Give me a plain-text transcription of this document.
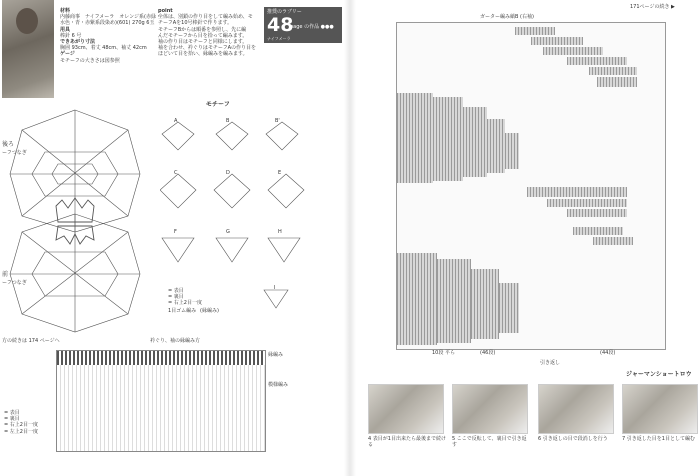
材料
内藤商事　ナイフメーラ　オレンジ系(赤緑・
水色・青・赤紫系段染め)(601) 270g 6玉
用具
棒針 6 号
できあがり寸法
胸囲 93cm、着丈 48cm、袖丈 42cm
ゲージ
モチーフの大きさは図参照
point
全体は、別鎖の作り目をして編み始め、モ
チーフAを10号棒針で作ります。
モチーフBからは順番を参照し、先に編
んだモチーフから目を拾って編みます。
袖の作り目はモチーフと同様にします。
袖を合わせ、衿ぐりはモチーフAの作り目を
ほどいて目を拾い、縁編みを編みます。
推奨のラブリー
48
page の作品 ●●●
ナイフメーラ
後ろ
ーフつなぎ
前
ーフつなぎ
モチーフ
A	B	B'
C	D	E
F	G	H
I
= 表目
= 裏目
= 右上2目一度
1目ゴム編み (縁編み)
方の続きは 174 ページへ	衿ぐり、袖の縁編み方
縁編み
模様編み
= 表目
= 裏目
= 右上2目一度
= 左上2目一度
171ページの続き ▶
ガーター編み縞B (右袖)
10段 平ら	(46段)
引き返し
(44段)
ジャーマンショートロウ
4 表目が1目出来たら最後まで続ける
5 ここで反転して、裏目で引き返す
6 引き返しの目で段消しを行う	7 引き返した目を1目として編む
